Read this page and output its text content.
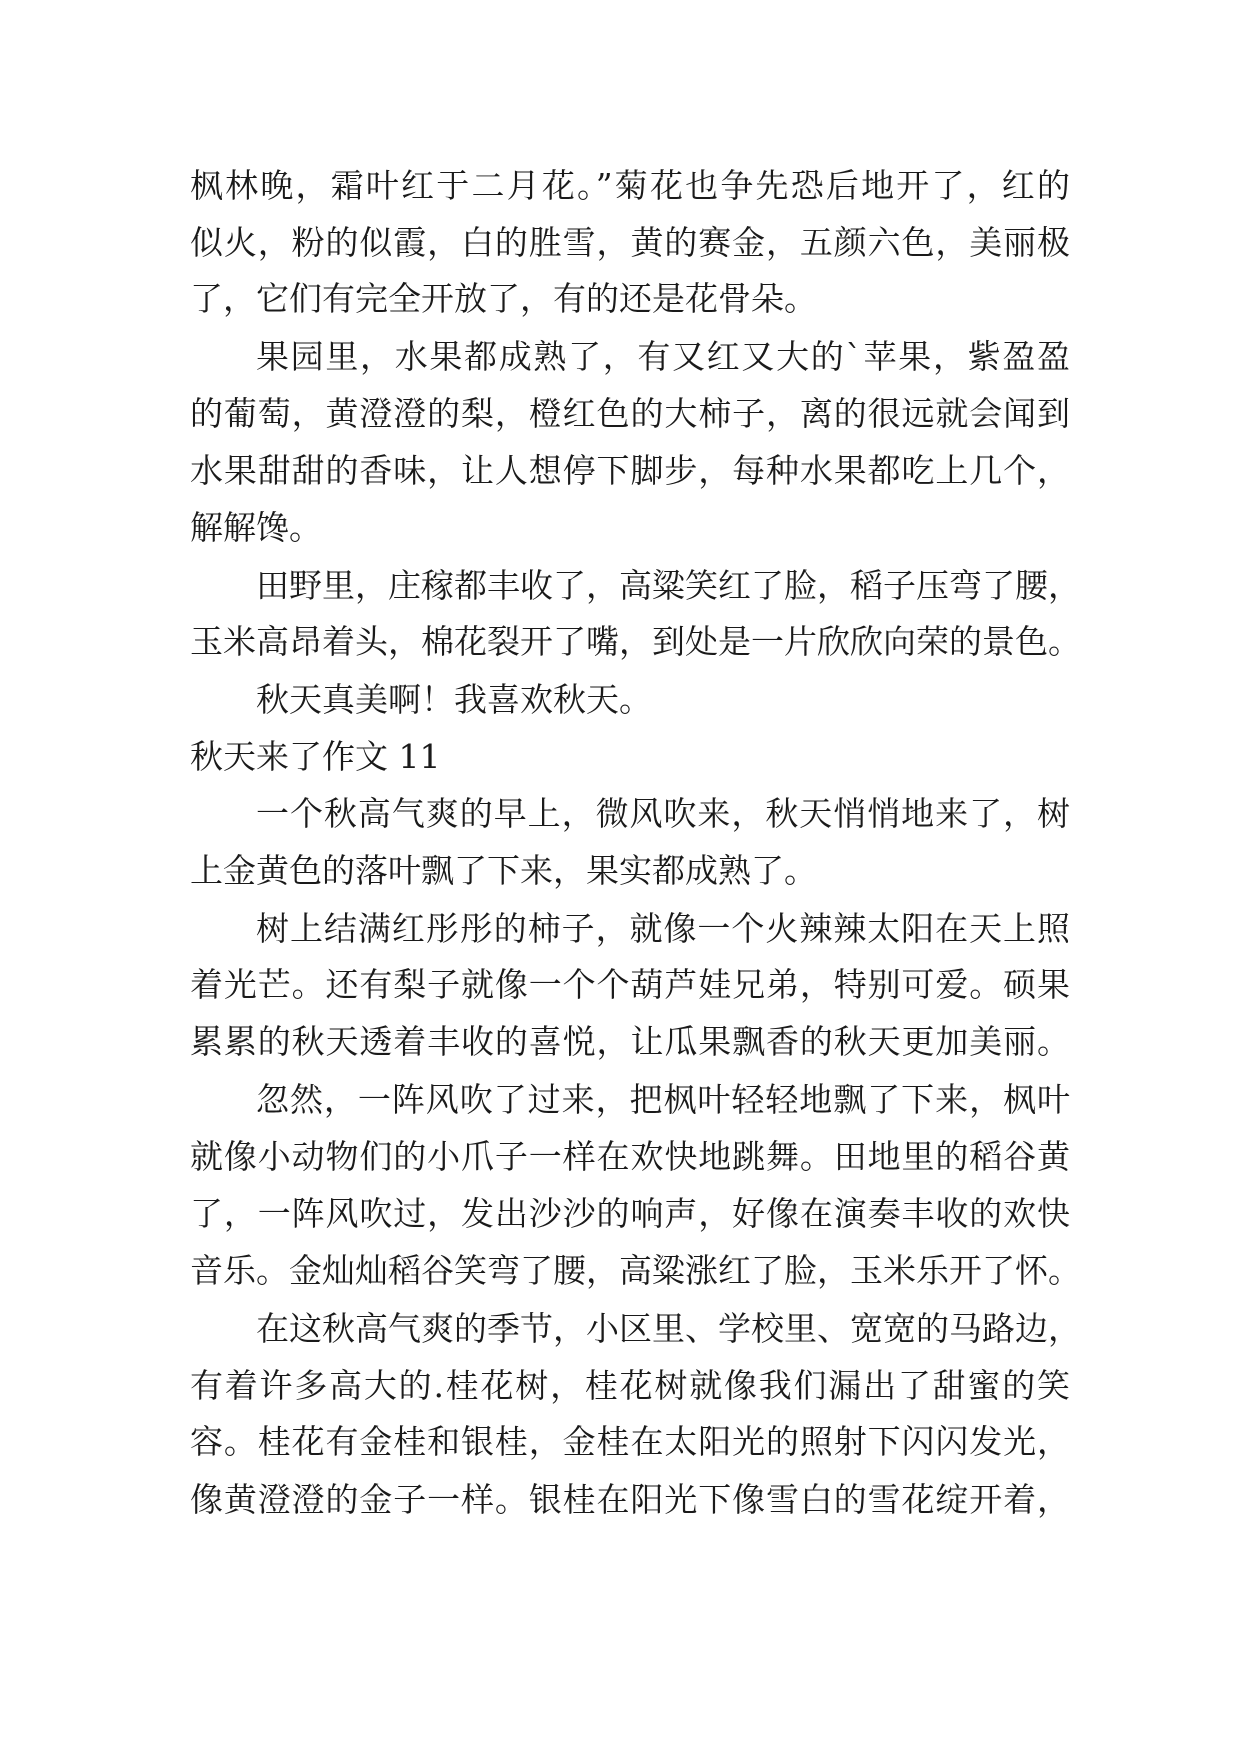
枫林晚，霜叶红于二月花。”菊花也争先恐后地开了，红的
似火，粉的似霞，白的胜雪，黄的赛金，五颜六色，美丽极
了，它们有完全开放了，有的还是花骨朵。
果园里，水果都成熟了，有又红又大的`苹果，紫盈盈
的葡萄，黄澄澄的梨，橙红色的大柿子，离的很远就会闻到
水果甜甜的香味，让人想停下脚步，每种水果都吃上几个，
解解馋。
田野里，庄稼都丰收了，高粱笑红了脸，稻子压弯了腰，
玉米高昂着头，棉花裂开了嘴，到处是一片欣欣向荣的景色。
秋天真美啊！我喜欢秋天。
秋天来了作文 11
一个秋高气爽的早上，微风吹来，秋天悄悄地来了，树
上金黄色的落叶飘了下来，果实都成熟了。
树上结满红彤彤的柿子，就像一个火辣辣太阳在天上照
着光芒。还有梨子就像一个个葫芦娃兄弟，特别可爱。硕果
累累的秋天透着丰收的喜悦，让瓜果飘香的秋天更加美丽。
忽然，一阵风吹了过来，把枫叶轻轻地飘了下来，枫叶
就像小动物们的小爪子一样在欢快地跳舞。田地里的稻谷黄
了，一阵风吹过，发出沙沙的响声，好像在演奏丰收的欢快
音乐。金灿灿稻谷笑弯了腰，高粱涨红了脸，玉米乐开了怀。
在这秋高气爽的季节，小区里、学校里、宽宽的马路边，
有着许多高大的.桂花树，桂花树就像我们漏出了甜蜜的笑
容。桂花有金桂和银桂，金桂在太阳光的照射下闪闪发光，
像黄澄澄的金子一样。银桂在阳光下像雪白的雪花绽开着，
